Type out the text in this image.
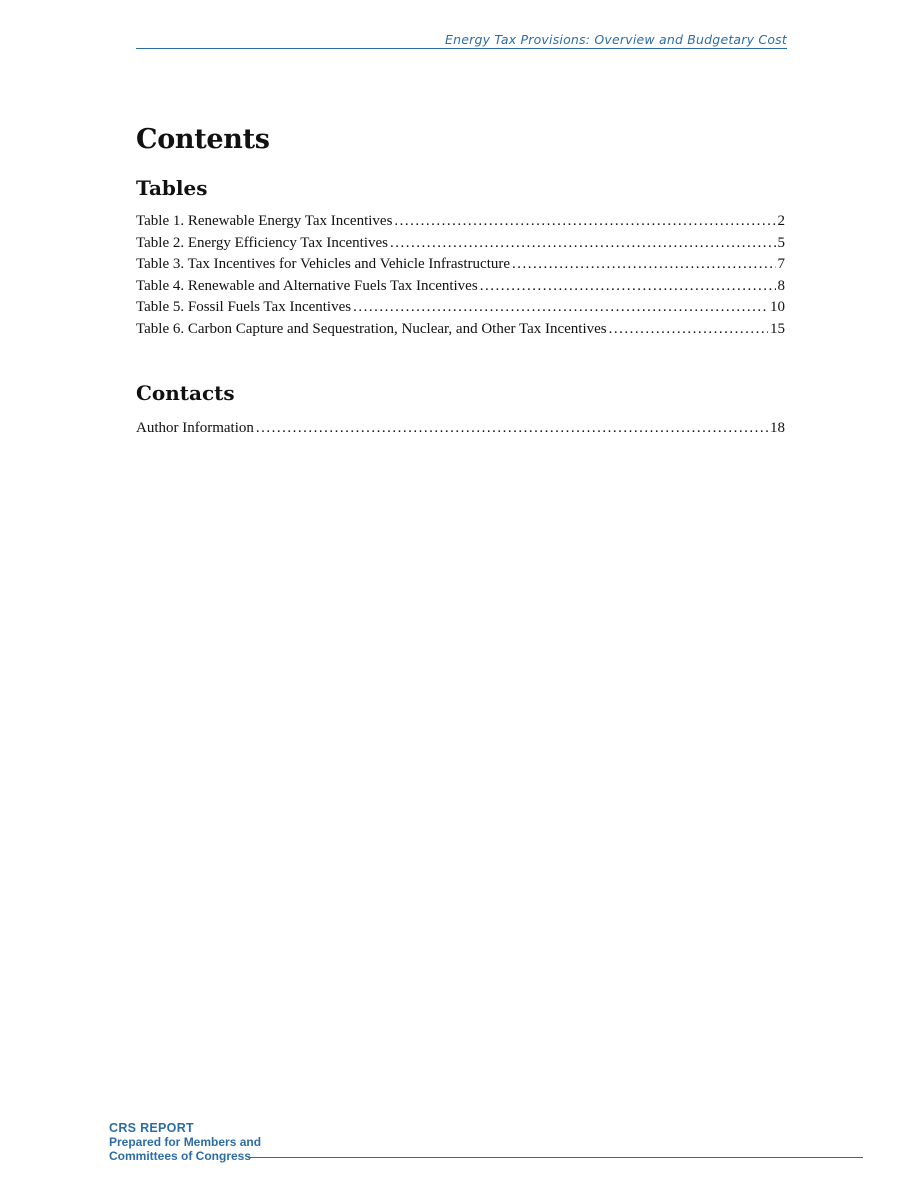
Energy Tax Provisions: Overview and Budgetary Cost
Contents
Tables
Table 1. Renewable Energy Tax Incentives .....	2
Table 2. Energy Efficiency Tax Incentives .....	5
Table 3. Tax Incentives for Vehicles and Vehicle Infrastructure .....	7
Table 4. Renewable and Alternative Fuels Tax Incentives .....	8
Table 5. Fossil Fuels Tax Incentives .....	10
Table 6. Carbon Capture and Sequestration, Nuclear, and Other Tax Incentives .....	15
Contacts
Author Information .....	18
CRS REPORT
Prepared for Members and
Committees of Congress
